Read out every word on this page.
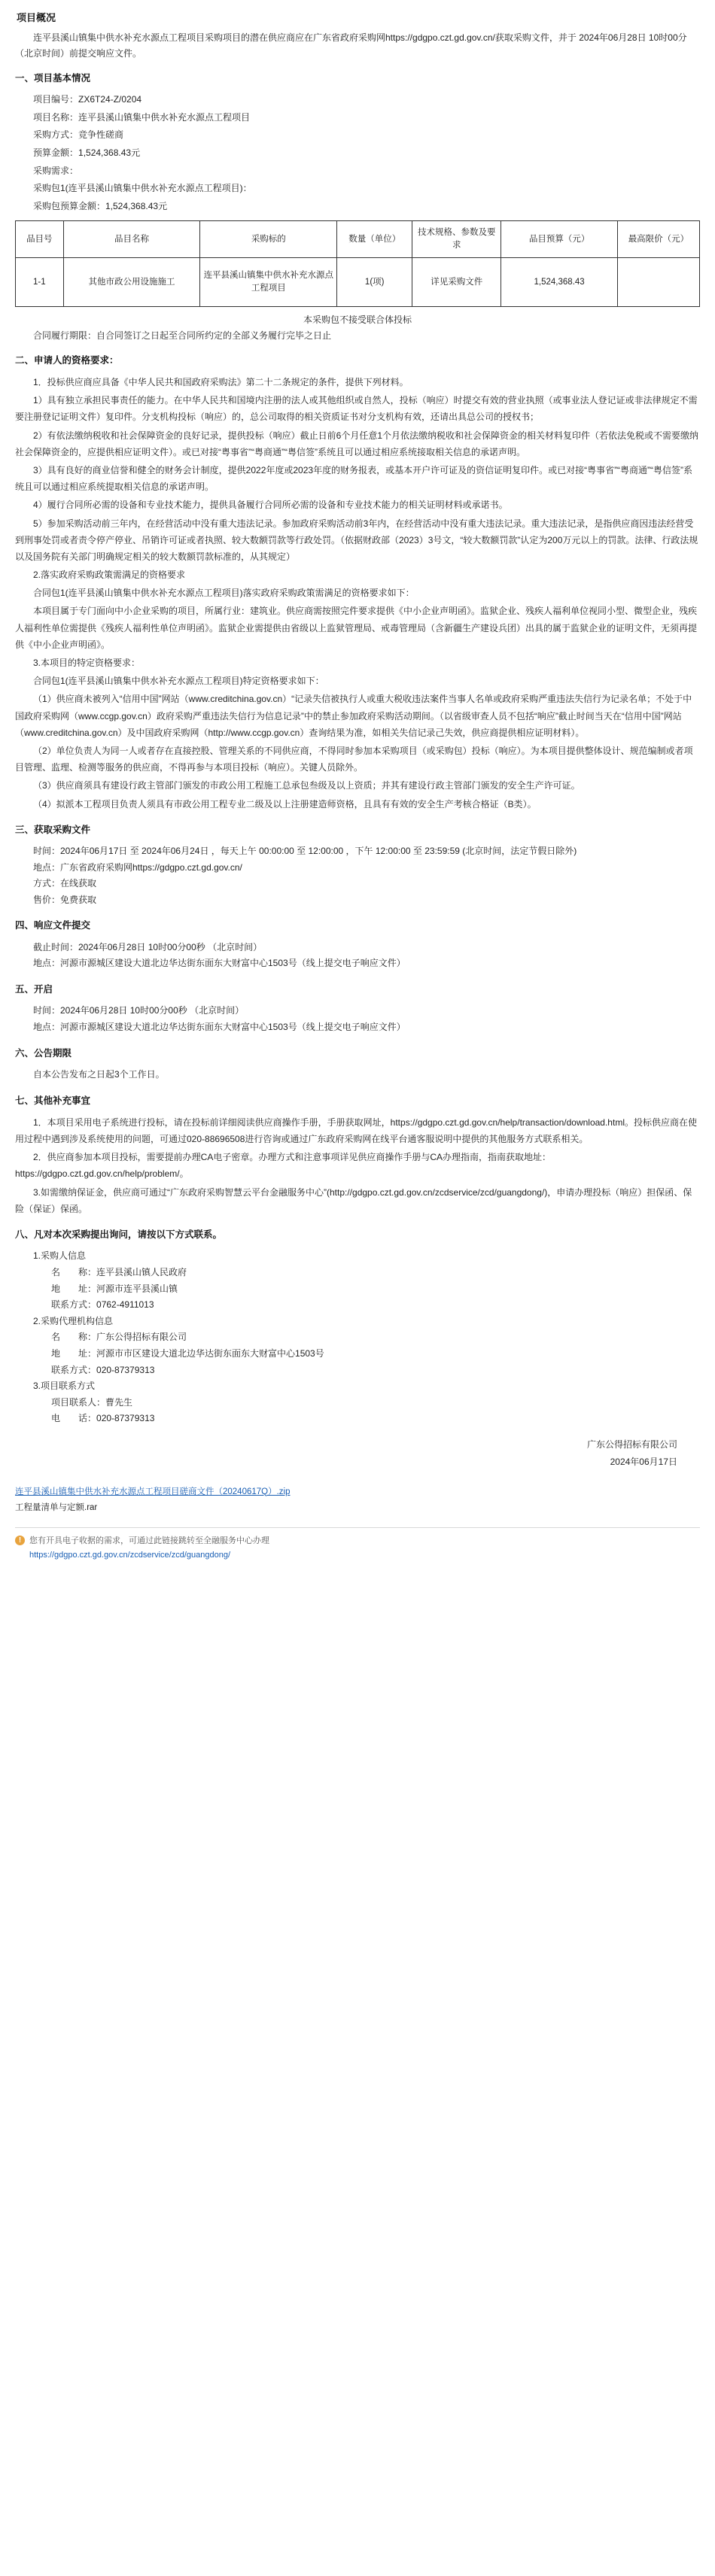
项目概况

连平县溪山镇集中供水补充水源点工程项目采购项目的潜在供应商应在广东省政府采购网https://gdgpo.czt.gd.gov.cn/获取采购文件，并于 2024年06月28日 10时00分 （北京时间）前提交响应文件。

一、项目基本情况

项目编号：ZX6T24-Z/0204

项目名称：连平县溪山镇集中供水补充水源点工程项目

采购方式：竞争性磋商

预算金额：1,524,368.43元

采购需求：

采购包1(连平县溪山镇集中供水补充水源点工程项目)：

采购包预算金额：1,524,368.43元

品目号	品目名称	采购标的	数量（单位）	技术规格、参数及要求	品目预算（元）	最高限价（元）
1-1	其他市政公用设施施工	连平县溪山镇集中供水补充水源点工程项目	1(项)	详见采购文件	1,524,368.43	

本采购包不接受联合体投标

合同履行期限：自合同签订之日起至合同所约定的全部义务履行完毕之日止

二、申请人的资格要求：

1．投标供应商应具备《中华人民共和国政府采购法》第二十二条规定的条件，提供下列材料。

1）具有独立承担民事责任的能力。在中华人民共和国境内注册的法人或其他组织或自然人，投标（响应）时提交有效的营业执照（或事业法人登记证或非法律规定不需要注册登记证明文件）复印件。分支机构投标（响应）的，总公司取得的相关资质证书对分支机构有效，还请出具总公司的授权书；

2）有依法缴纳税收和社会保障资金的良好记录，提供投标（响应）截止日前6个月任意1个月依法缴纳税收和社会保障资金的相关材料复印件（若依法免税或不需要缴纳社会保障资金的，应提供相应证明文件）。或已对接“粤事省”“粤商通”“粤信签”系统且可以通过相应系统接取相关信息的承诺声明。

3）具有良好的商业信誉和健全的财务会计制度，提供2022年度或2023年度的财务报表，或基本开户许可证及的资信证明复印件。或已对接“粤事省”“粤商通”“粤信签”系统且可以通过相应系统提取相关信息的承诺声明。

4）履行合同所必需的设备和专业技术能力，提供具备履行合同所必需的设备和专业技术能力的相关证明材料或承诺书。

5）参加采购活动前三年内，在经营活动中没有重大违法记录。参加政府采购活动前3年内，在经营活动中没有重大违法记录。重大违法记录，是指供应商因违法经营受到刑事处罚或者责令停产停业、吊销许可证或者执照、较大数额罚款等行政处罚。（依据财政部（2023）3号文，“较大数额罚款”认定为200万元以上的罚款。法律、行政法规以及国务院有关部门明确规定相关的较大数额罚款标准的，从其规定）

2.落实政府采购政策需满足的资格要求

合同包1(连平县溪山镇集中供水补充水源点工程项目)落实政府采购政策需满足的资格要求如下：

本项目属于专门面向中小企业采购的项目，所属行业：建筑业。供应商需按照完件要求提供《中小企业声明函》。监狱企业、残疾人福利单位视同小型、微型企业，残疾人福利性单位需提供《残疾人福利性单位声明函》。监狱企业需提供由省级以上监狱管理局、戒毒管理局（含新疆生产建设兵团）出具的属于监狱企业的证明文件，无须再提供《中小企业声明函》。

3.本项目的特定资格要求：

合同包1(连平县溪山镇集中供水补充水源点工程项目)特定资格要求如下：

（1）供应商未被列入“信用中国”网站（www.creditchina.gov.cn）“记录失信被执行人或重大税收违法案件当事人名单或政府采购严重违法失信行为记录名单；不处于中国政府采购网（www.ccgp.gov.cn）政府采购严重违法失信行为信息记录”中的禁止参加政府采购活动期间。（以省级审查人员不包括“响应”截止时间当天在“信用中国”网站（www.creditchina.gov.cn）及中国政府采购网（http://www.ccgp.gov.cn）查询结果为准，如相关失信记录己失效，供应商提供相应证明材料）。

（2）单位负责人为同一人或者存在直接控股、管理关系的不同供应商，不得同时参加本采购项目（或采购包）投标（响应）。为本项目提供整体设计、规范编制或者项目管理、监理、检测等服务的供应商，不得再参与本项目投标（响应）。关键人员除外。

（3）供应商须具有建设行政主管部门颁发的市政公用工程施工总承包叁级及以上资质；并其有建设行政主管部门颁发的安全生产许可证。

（4）拟派本工程项目负责人须具有市政公用工程专业二级及以上注册建造师资格，且具有有效的安全生产考核合格证（B类）。

三、获取采购文件

时间：2024年06月17日 至 2024年06月24日 ，每天上午 00:00:00 至 12:00:00 ，下午 12:00:00 至 23:59:59 (北京时间，法定节假日除外)

地点：广东省政府采购网https://gdgpo.czt.gd.gov.cn/

方式：在线获取

售价：免费获取

四、响应文件提交

截止时间：2024年06月28日 10时00分00秒 （北京时间）

地点：河源市源城区建设大道北边华达街东面东大财富中心1503号（线上提交电子响应文件）

五、开启

时间：2024年06月28日 10时00分00秒 （北京时间）

地点：河源市源城区建设大道北边华达街东面东大财富中心1503号（线上提交电子响应文件）

六、公告期限

自本公告发布之日起3个工作日。

七、其他补充事宜

1．本项目采用电子系统进行投标，请在投标前详细阅读供应商操作手册，手册获取网址，https://gdgpo.czt.gd.gov.cn/help/transaction/download.html。投标供应商在使用过程中遇到涉及系统使用的问题，可通过020-88696508进行咨询或通过广东政府采购网在线平台通客服说明中提供的其他服务方式联系相关。

2．供应商参加本项目投标，需要提前办理CA电子密章。办理方式和注意事项详见供应商操作手册与CA办理指南，指南获取地址：https://gdgpo.czt.gd.gov.cn/help/problem/。

3.如需缴纳保证金，供应商可通过“广东政府采购智慧云平台金融服务中心”(http://gdgpo.czt.gd.gov.cn/zcdservice/zcd/guangdong/)，申请办理投标（响应）担保函、保险（保证）保函。

八、凡对本次采购提出询问，请按以下方式联系。

1.采购人信息

名　　称：连平县溪山镇人民政府

地　　址：河源市连平县溪山镇

联系方式：0762-4911013

2.采购代理机构信息

名　　称：广东公得招标有限公司

地　　址：河源市市区建设大道北边华达街东面东大财富中心1503号

联系方式：020-87379313

3.项目联系方式

项目联系人：曹先生

电　　话：020-87379313

广东公得招标有限公司
2024年06月17日
连平县溪山镇集中供水补充水源点工程项目磋商文件（20240617Q）.zip
工程量清单与定额.rar
! 您有开具电子收据的需求，可通过此链接跳转至全融服务中心办理
https://gdgpo.czt.gd.gov.cn/zcdservice/zcd/guangdong/
